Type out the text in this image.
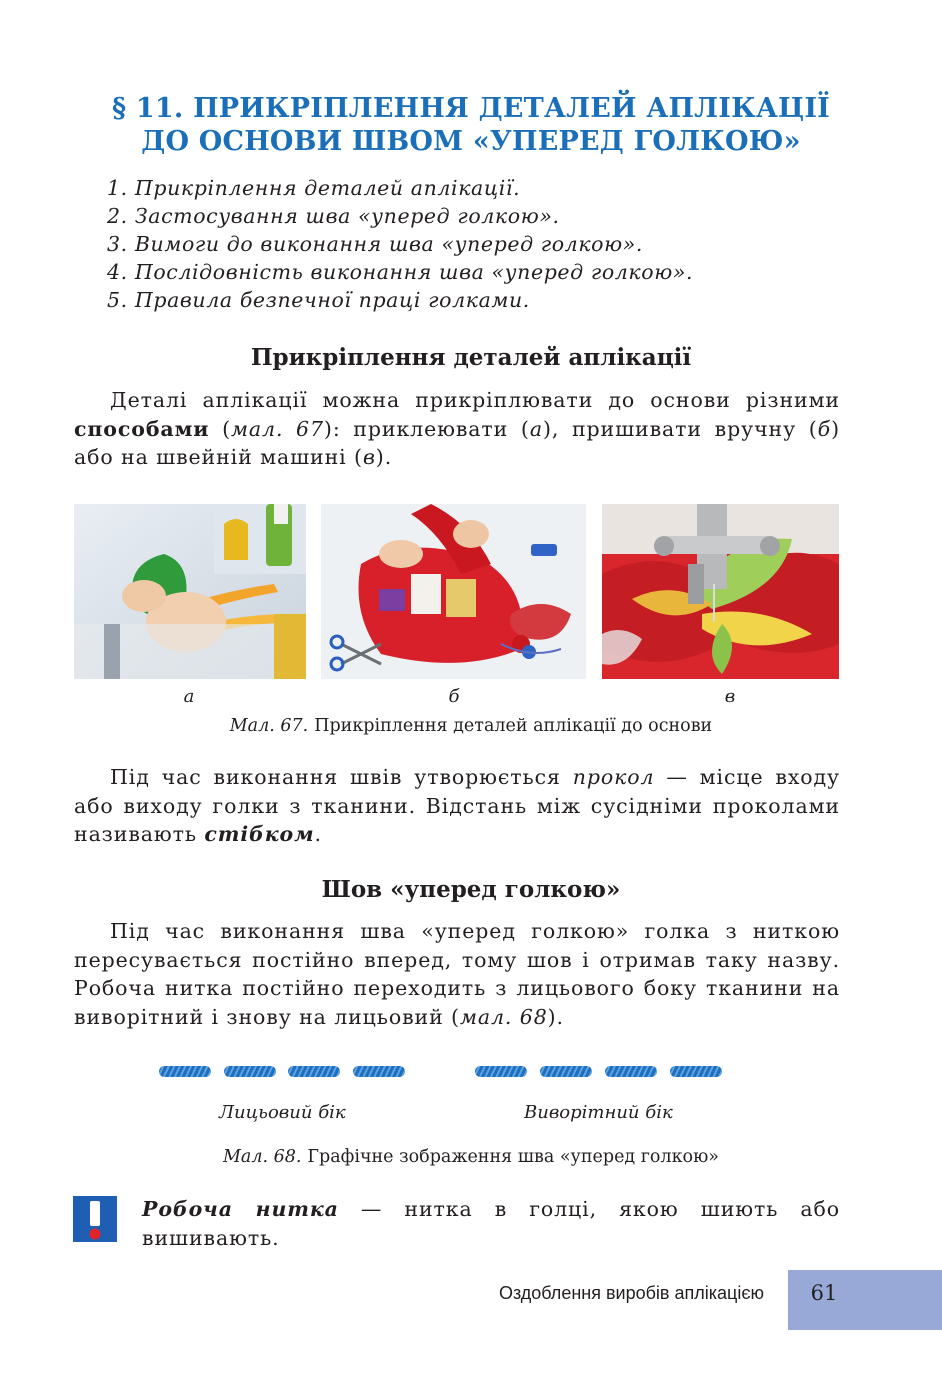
§ 11. ПРИКРІПЛЕННЯ ДЕТАЛЕЙ АПЛІКАЦІЇ
ДО ОСНОВИ ШВОМ «УПЕРЕД ГОЛКОЮ»
1. Прикріплення деталей аплікації.
2. Застосування шва «уперед голкою».
3. Вимоги до виконання шва «уперед голкою».
4. Послідовність виконання шва «уперед голкою».
5. Правила безпечної праці голками.
Прикріплення деталей аплікації
Деталі аплікації можна прикріплювати до основи різними способами (мал. 67): приклеювати (а), пришивати вручну (б) або на швейній машині (в).
а	б	в
Мал. 67. Прикріплення деталей аплікації до основи
Під час виконання швів утворюється прокол — місце входу або виходу голки з тканини. Відстань між сусідніми проколами називають стібком.
Шов «уперед голкою»
Під час виконання шва «уперед голкою» голка з ниткою пересувається постійно вперед, тому шов і отримав таку назву. Робоча нитка постійно переходить з лицьового боку тканини на виворітний і знову на лицьовий (мал. 68).
Лицьовий бік	Виворітний бік
Мал. 68. Графічне зображення шва «уперед голкою»
Робоча нитка — нитка в голці, якою шиють або вишивають.
Оздоблення виробів аплікацією	61
